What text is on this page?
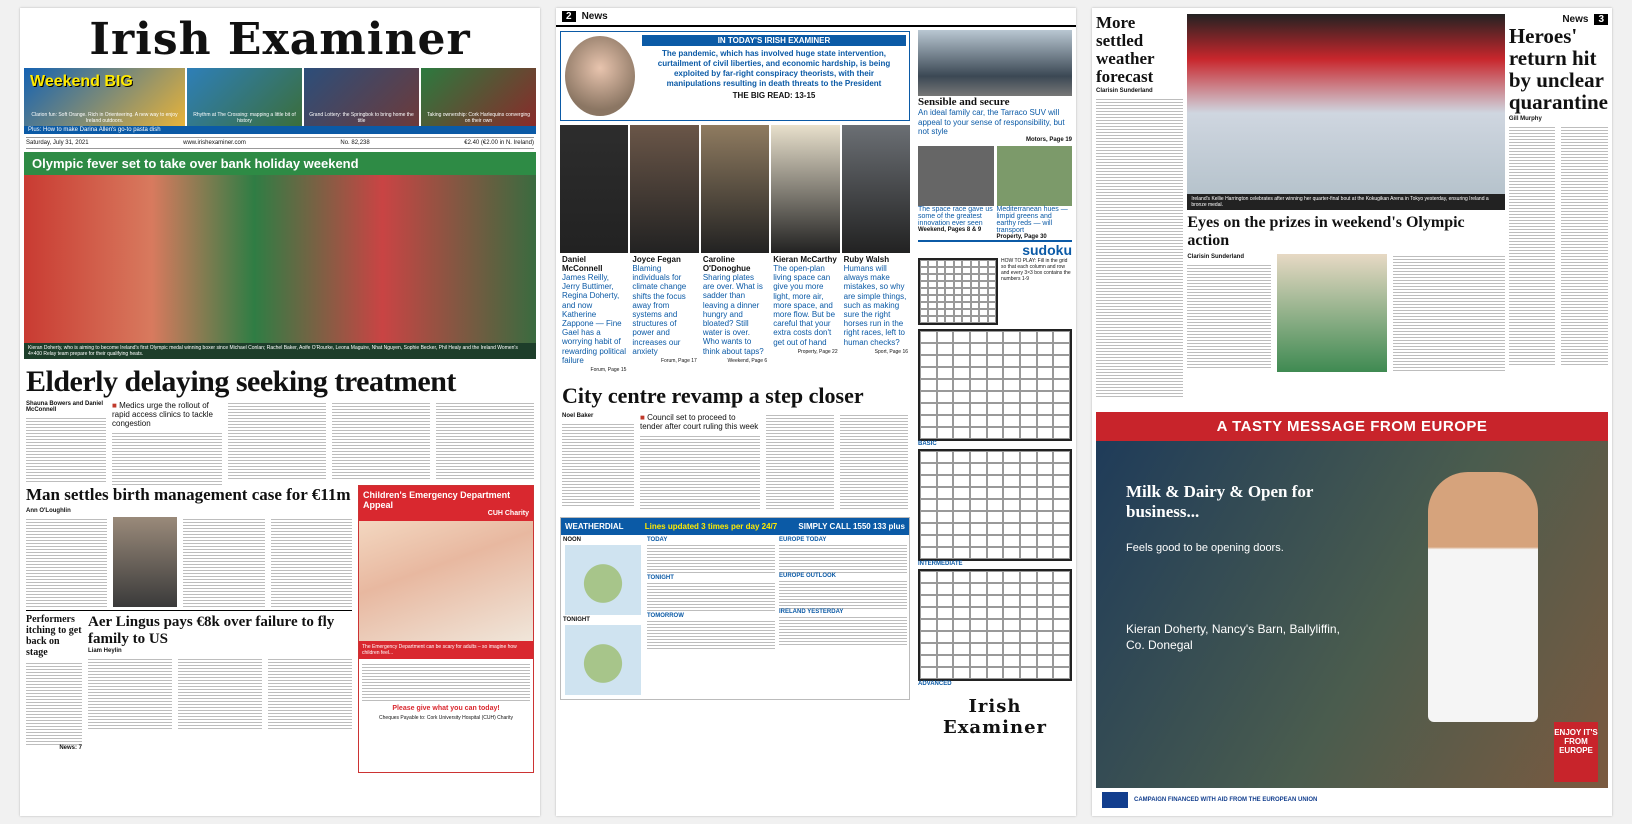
Irish Examiner
Weekend BIG
Clarion fun: Soft Orange. Rich in Orienteering. A new way to enjoy Ireland outdoors.
Rhythm at The Crossing: mapping a little bit of history
Grand Lottery: the Springbok to bring home the title
Taking ownership: Cork Harlequins converging on their own
Plus: How to make Darina Allen's go-to pasta dish
Saturday, July 31, 2021	www.irishexaminer.com	No. 82,238	€2.40 (€2.00 in N. Ireland)
Olympic fever set to take over bank holiday weekend
Kieran Doherty, who is aiming to become Ireland's first Olympic medal winning boxer since Michael Conlan; Rachel Baker, Aoife O'Rourke, Leona Maguire, Nhat Nguyen, Sophie Becker, Phil Healy and the Ireland Women's 4×400 Relay team prepare for their qualifying heats.
Elderly delaying seeking treatment
Shauna Bowers and Daniel McConnell	■ Medics urge the rollout of rapid access clinics to tackle congestion
Man settles birth management case for €11m
Ann O'Loughlin
Performers itching to get back on stage
News: 7
Aer Lingus pays €8k over failure to fly family to US
Liam Heylin
Children's Emergency Department Appeal
CUH Charity
The Emergency Department can be scary for adults – so imagine how children feel...
Please give what you can today!
Cheques Payable to: Cork University Hospital (CUH) Charity
2	News
IN TODAY'S IRISH EXAMINER
The pandemic, which has involved huge state intervention, curtailment of civil liberties, and economic hardship, is being exploited by far-right conspiracy theorists, with their manipulations resulting in death threats to the President
THE BIG READ: 13-15
Daniel McConnell
James Reilly, Jerry Buttimer, Regina Doherty, and now Katherine Zappone — Fine Gael has a worrying habit of rewarding political failure
Forum, Page 15
Joyce Fegan
Blaming individuals for climate change shifts the focus away from systems and structures of power and increases our anxiety
Forum, Page 17
Caroline O'Donoghue
Sharing plates are over. What is sadder than leaving a dinner hungry and bloated? Still water is over. Who wants to think about taps?
Weekend, Page 6
Kieran McCarthy
The open-plan living space can give you more light, more air, more space, and more flow. But be careful that your extra costs don't get out of hand
Property, Page 22
Ruby Walsh
Humans will always make mistakes, so why are simple things, such as making sure the right horses run in the right races, left to human checks?
Sport, Page 16
City centre revamp a step closer
Noel Baker	■ Council set to proceed to tender after court ruling this week
WEATHERDIAL	Lines updated 3 times per day 24/7	SIMPLY CALL 1550 133 plus
NOON
TONIGHT
TODAY
TONIGHT
TOMORROW
EUROPE TODAY
EUROPE OUTLOOK
IRELAND YESTERDAY
Sensible and secure
An ideal family car, the Tarraco SUV will appeal to your sense of responsibility, but not style
Motors, Page 19
The space race gave us some of the greatest innovation ever seen
Weekend, Pages 8 & 9
Mediterranean hues — limpid greens and earthy reds — will transport
Property, Page 30
sudoku
HOW TO PLAY: Fill in the grid so that each column and row and every 3×3 box contains the numbers 1-9
BASIC
INTERMEDIATE
ADVANCED
Irish Examiner
More settled weather forecast
Clarisin Sunderland
Ireland's Kellie Harrington celebrates after winning her quarter-final bout at the Kokugikan Arena in Tokyo yesterday, ensuring Ireland a bronze medal.
Eyes on the prizes in weekend's Olympic action
Clarisin Sunderland
News	3
Heroes' return hit by unclear quarantine
Gill Murphy
A TASTY MESSAGE FROM EUROPE
Milk & Dairy & Open for business...
Feels good to be opening doors.
Kieran Doherty, Nancy's Barn, Ballyliffin, Co. Donegal
ENJOY IT'S FROM EUROPE
CAMPAIGN FINANCED WITH AID FROM THE EUROPEAN UNION
